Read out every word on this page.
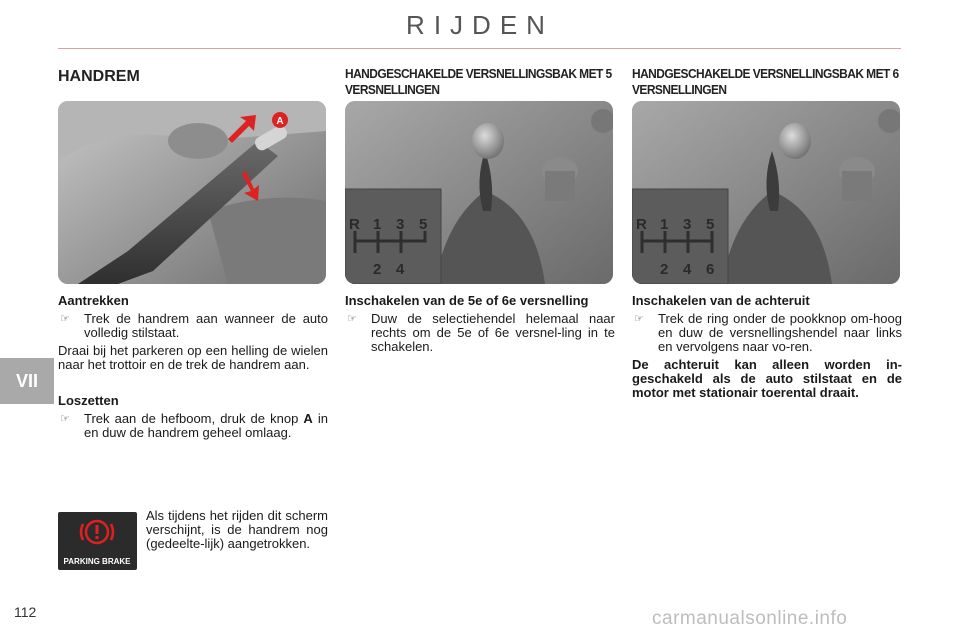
RIJDEN
VII
112	carmanualsonline.info
HANDREM
A
Aantrekken
☞	Trek de handrem aan wanneer de auto volledig stilstaat.
Draai bij het parkeren op een helling de wielen naar het trottoir en de trek de handrem aan.
Loszetten
☞	Trek aan de hefboom, druk de knop A in en duw de handrem geheel omlaag.
PARKING BRAKE
Als tijdens het rijden dit scherm verschijnt, is de handrem nog (gedeelte-lijk) aangetrokken.
HANDGESCHAKELDE VERSNELLINGSBAK MET 5 VERSNELLINGEN
R 1 3 5
2 4
Inschakelen van de 5e of 6e versnelling
☞	Duw de selectiehendel helemaal naar rechts om de 5e of 6e versnel-ling in te schakelen.
HANDGESCHAKELDE VERSNELLINGSBAK MET 6 VERSNELLINGEN
R 1 3 5
2 4 6
Inschakelen van de achteruit
☞	Trek de ring onder de pookknop om-hoog en duw de versnellingshendel naar links en vervolgens naar vo-ren.
De achteruit kan alleen worden in-geschakeld als de auto stilstaat en de motor met stationair toerental draait.
